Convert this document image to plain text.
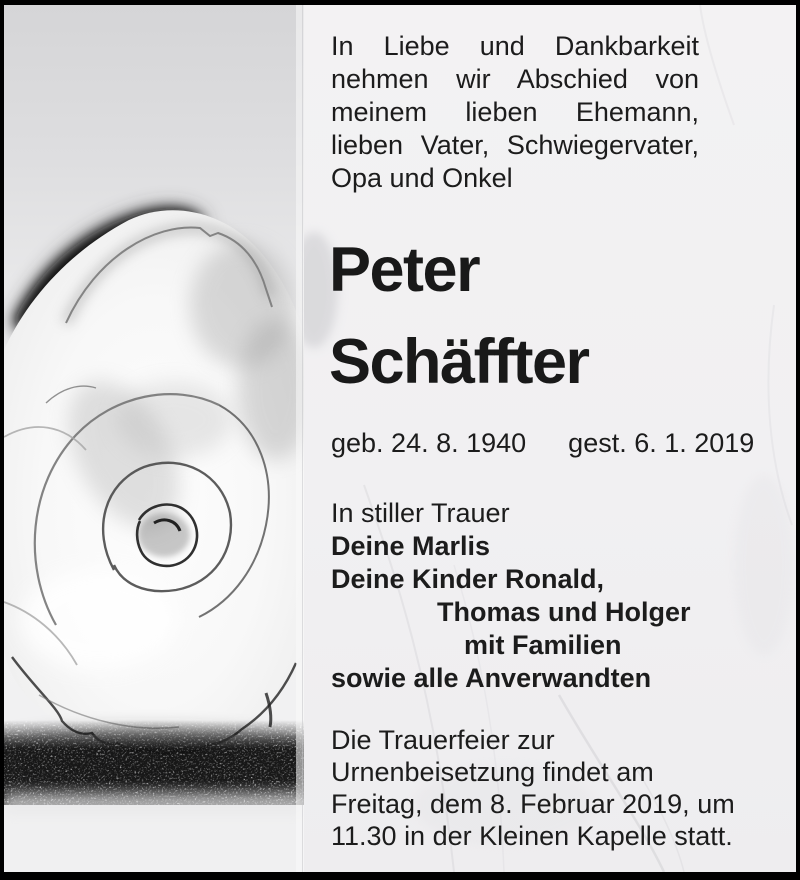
In Liebe und Dankbarkeit
nehmen wir Abschied von
meinem lieben Ehemann,
lieben Vater, Schwiegervater,
Opa und Onkel
Peter
Schäffter
geb. 24. 8. 1940 gest. 6. 1. 2019
In stiller Trauer
Deine Marlis
Deine Kinder Ronald,
Thomas und Holger
mit Familien
sowie alle Anverwandten
Die Trauerfeier zur
Urnenbeisetzung findet am
Freitag, dem 8. Februar 2019, um
11.30 in der Kleinen Kapelle statt.
